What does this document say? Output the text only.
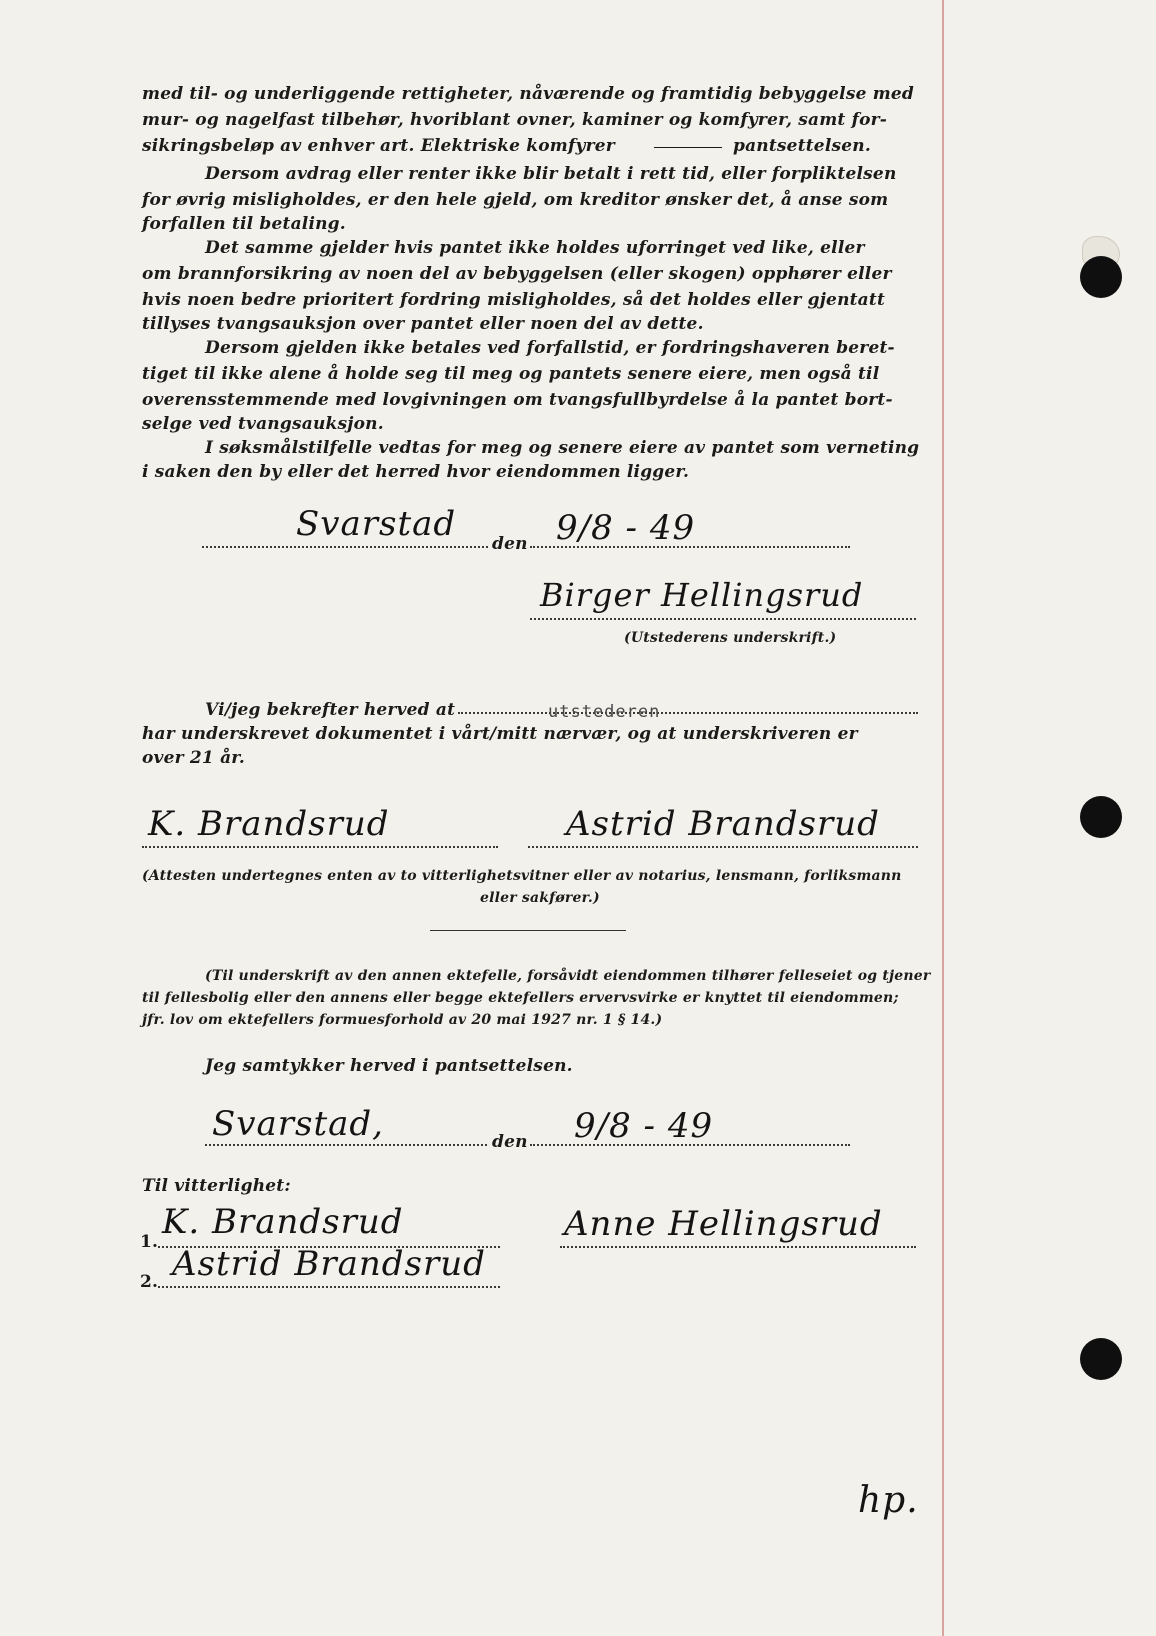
med til- og underliggende rettigheter, nåværende og framtidig bebyggelse med
mur- og nagelfast tilbehør, hvoriblant ovner, kaminer og komfyrer, samt for-
sikringsbeløp av enhver art. Elektriske komfyrer	pantsettelsen.
Dersom avdrag eller renter ikke blir betalt i rett tid, eller forpliktelsen
for øvrig misligholdes, er den hele gjeld, om kreditor ønsker det, å anse som
forfallen til betaling.
Det samme gjelder hvis pantet ikke holdes uforringet ved like, eller
om brannforsikring av noen del av bebyggelsen (eller skogen) opphører eller
hvis noen bedre prioritert fordring misligholdes, så det holdes eller gjentatt
tillyses tvangsauksjon over pantet eller noen del av dette.
Dersom gjelden ikke betales ved forfallstid, er fordringshaveren beret-
tiget til ikke alene å holde seg til meg og pantets senere eiere, men også til
overensstemmende med lovgivningen om tvangsfullbyrdelse å la pantet bort-
selge ved tvangsauksjon.
I søksmålstilfelle vedtas for meg og senere eiere av pantet som verneting
i saken den by eller det herred hvor eiendommen ligger.
Svarstad den 9/8 - 49
Birger Hellingsrud
(Utstederens underskrift.)
Vi/jeg bekrefter herved at	utstederen
har underskrevet dokumentet i vårt/mitt nærvær, og at underskriveren er
over 21 år.
K. Brandsrud	Astrid Brandsrud
(Attesten undertegnes enten av to vitterlighetsvitner eller av notarius, lensmann, forliksmann
eller sakfører.)
(Til underskrift av den annen ektefelle, forsåvidt eiendommen tilhører felleseiet og tjener
til fellesbolig eller den annens eller begge ektefellers ervervsvirke er knyttet til eiendommen;
jfr. lov om ektefellers formuesforhold av 20 mai 1927 nr. 1 § 14.)
Jeg samtykker herved i pantsettelsen.
Svarstad,	den 9/8 - 49
Til vitterlighet:
1. K. Brandsrud
2. Astrid Brandsrud
Anne Hellingsrud
hp.
